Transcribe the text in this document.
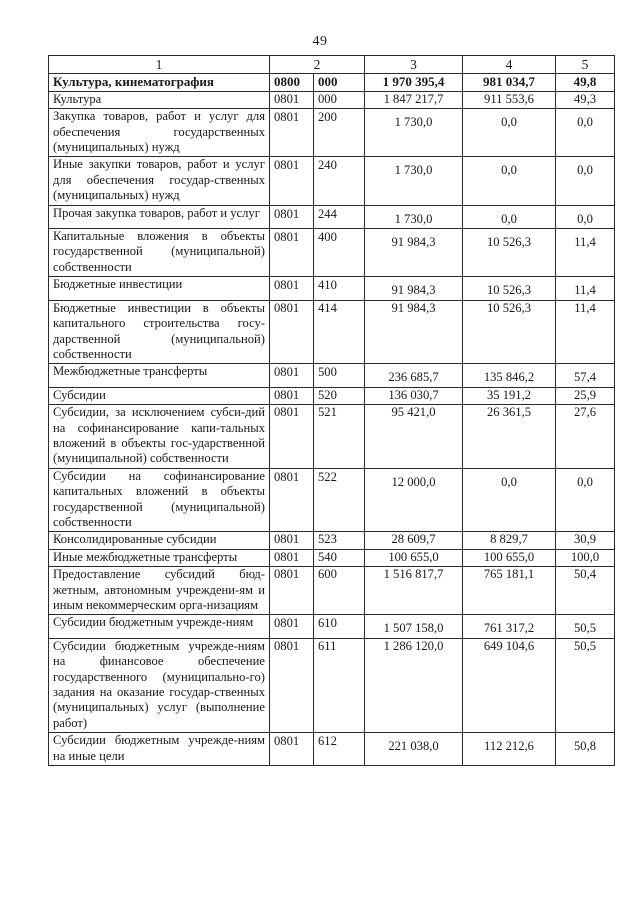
49
1	2		3	4	5
Культура, кинематография	0800	000	1 970 395,4	981 034,7	49,8
Культура	0801	000	1 847 217,7	911 553,6	49,3
Закупка товаров, работ и услуг для обеспечения государственных (муниципальных) нужд	0801	200	1 730,0	0,0	0,0
Иные закупки товаров, работ и услуг для обеспечения государ-ственных (муниципальных) нужд	0801	240	1 730,0	0,0	0,0
Прочая закупка товаров, работ и услуг	0801	244	1 730,0	0,0	0,0
Капитальные вложения в объекты государственной (муниципальной) собственности	0801	400	91 984,3	10 526,3	11,4
Бюджетные инвестиции	0801	410	91 984,3	10 526,3	11,4
Бюджетные инвестиции в объекты капитального строительства госу-дарственной (муниципальной) собственности	0801	414	91 984,3	10 526,3	11,4
Межбюджетные трансферты	0801	500	236 685,7	135 846,2	57,4
Субсидии	0801	520	136 030,7	35 191,2	25,9
Субсидии, за исключением субси-дий на софинансирование капи-тальных вложений в объекты гос-ударственной (муниципальной) собственности	0801	521	95 421,0	26 361,5	27,6
Субсидии на софинансирование капитальных вложений в объекты государственной (муниципальной) собственности	0801	522	12 000,0	0,0	0,0
Консолидированные субсидии	0801	523	28 609,7	8 829,7	30,9
Иные межбюджетные трансферты	0801	540	100 655,0	100 655,0	100,0
Предоставление субсидий бюд-жетным, автономным учреждени-ям и иным некоммерческим орга-низациям	0801	600	1 516 817,7	765 181,1	50,4
Субсидии бюджетным учрежде-ниям	0801	610	1 507 158,0	761 317,2	50,5
Субсидии бюджетным учрежде-ниям на финансовое обеспечение государственного (муниципально-го) задания на оказание государ-ственных (муниципальных) услуг (выполнение работ)	0801	611	1 286 120,0	649 104,6	50,5
Субсидии бюджетным учрежде-ниям на иные цели	0801	612	221 038,0	112 212,6	50,8
